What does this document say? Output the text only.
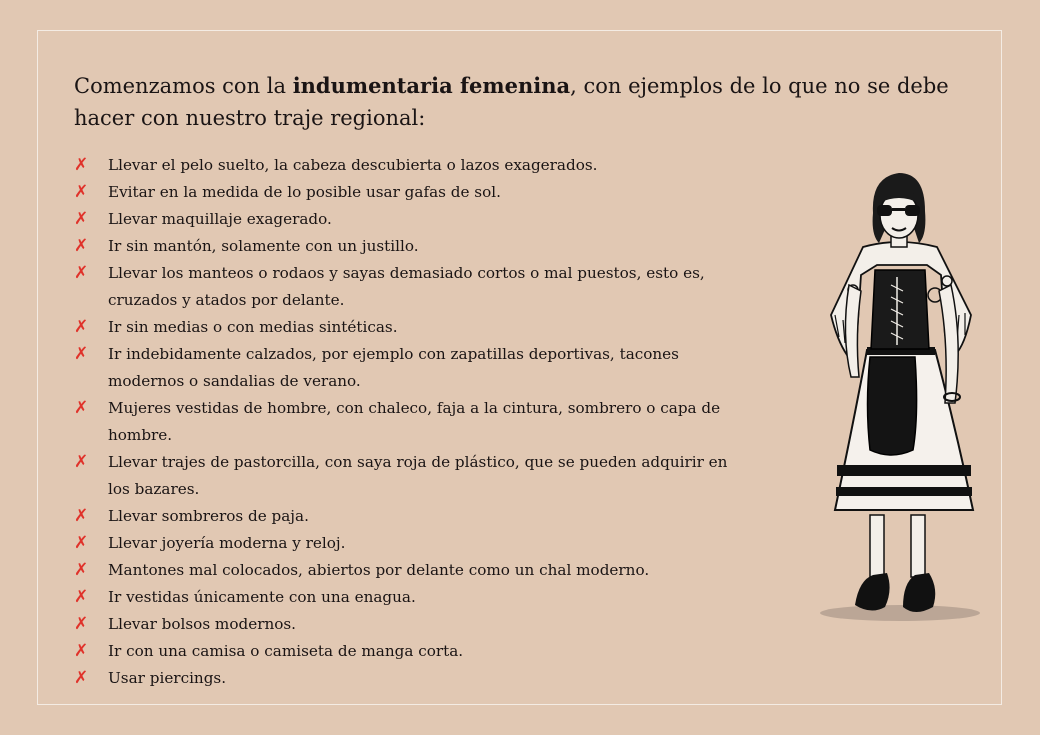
Comenzamos con la indumentaria femenina, con ejemplos de lo que no se debe hacer con nuestro traje regional:

✗ Llevar el pelo suelto, la cabeza descubierta o lazos exagerados.
✗ Evitar en la medida de lo posible usar gafas de sol.
✗ Llevar maquillaje exagerado.
✗ Ir sin mantón, solamente con un justillo.
✗ Llevar los manteos o rodaos y sayas demasiado cortos o mal puestos, esto es, cruzados y atados por delante.
✗ Ir sin medias o con medias sintéticas.
✗ Ir indebidamente calzados, por ejemplo con zapatillas deportivas, tacones modernos o sandalias de verano.
✗ Mujeres vestidas de hombre, con chaleco, faja a la cintura, sombrero o capa de hombre.
✗ Llevar trajes de pastorcilla, con saya roja de plástico, que se pueden adquirir en los bazares.
✗ Llevar sombreros de paja.
✗ Llevar joyería moderna y reloj.
✗ Mantones mal colocados, abiertos por delante como un chal moderno.
✗ Ir vestidas únicamente con una enagua.
✗ Llevar bolsos modernos.
✗ Ir con una camisa o camiseta de manga corta.
✗ Usar piercings.
